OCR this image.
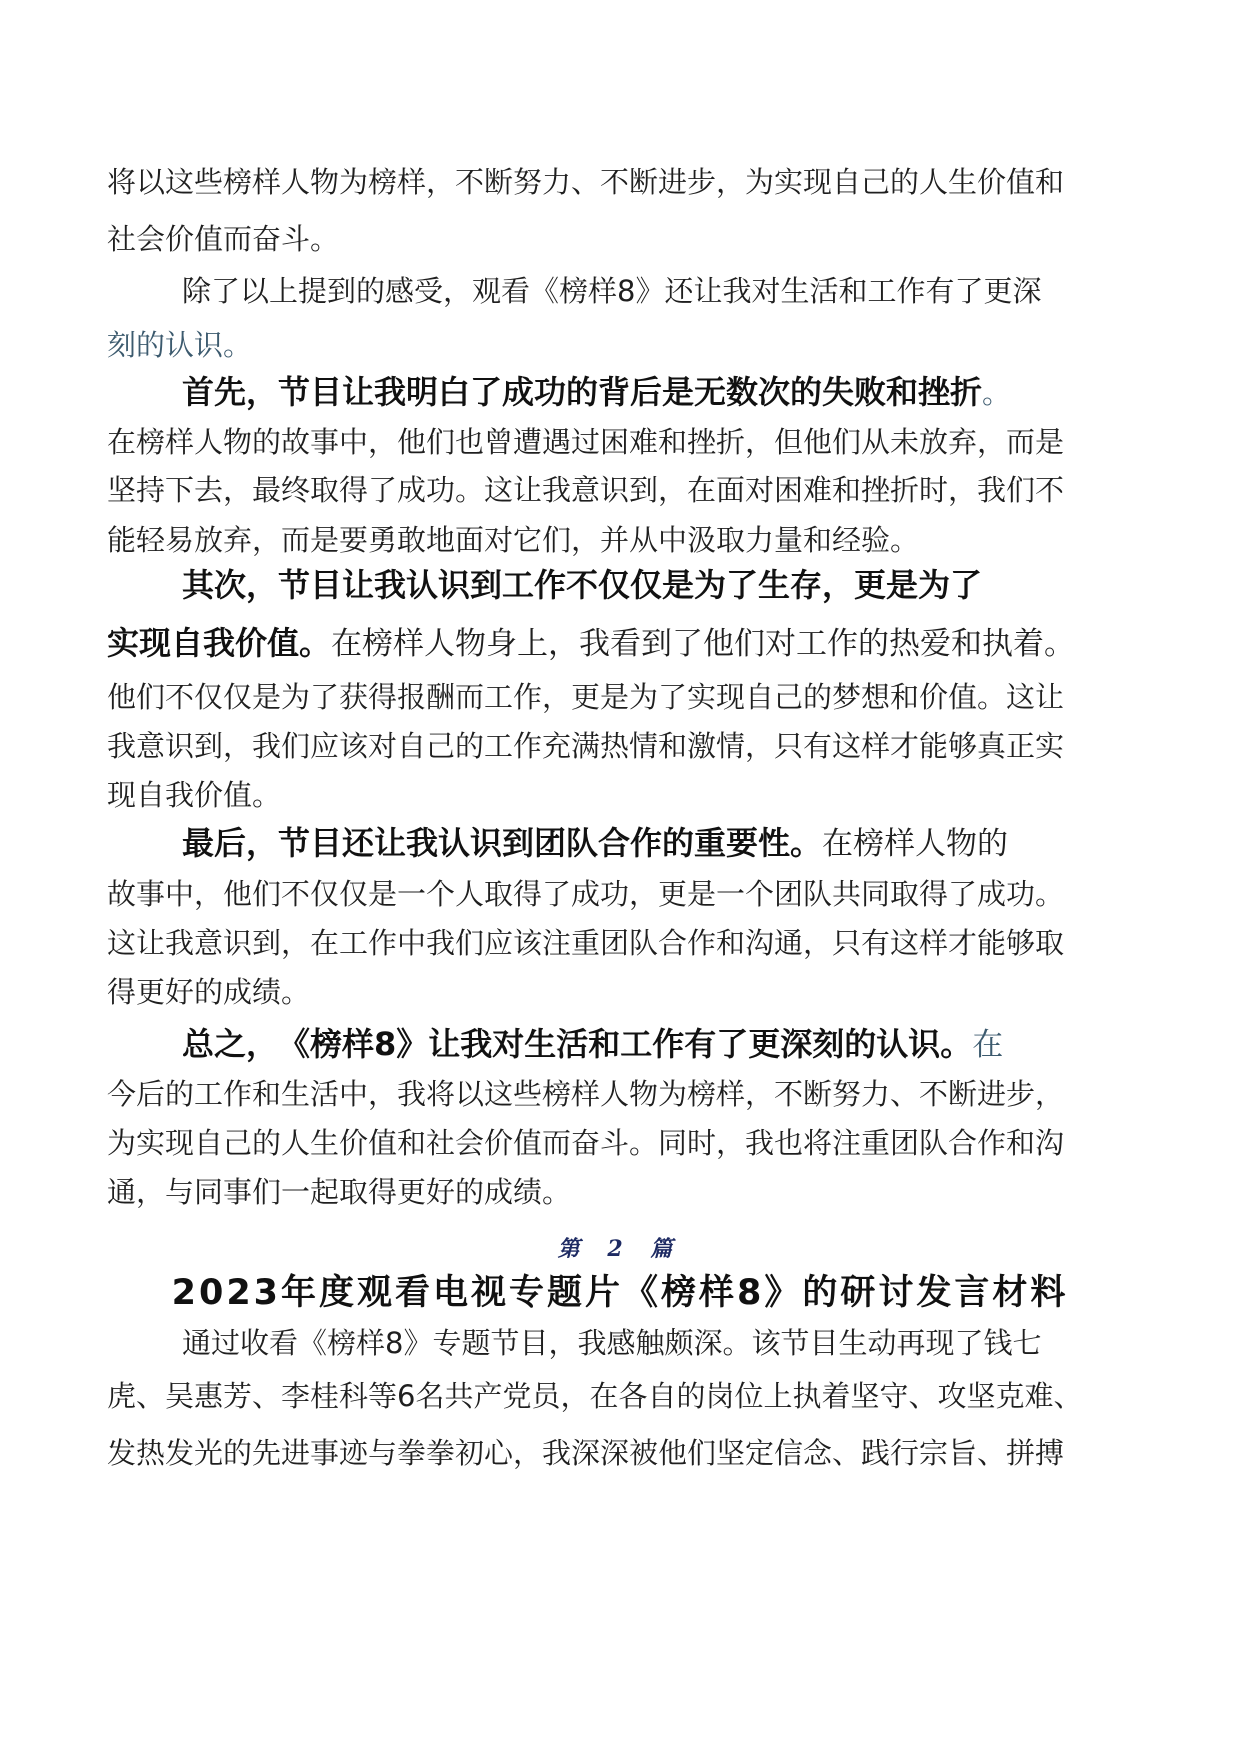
将以这些榜样人物为榜样，不断努力、不断进步，为实现自己的人生价值和
社会价值而奋斗。
除了以上提到的感受，观看《榜样8》还让我对生活和工作有了更深
刻的认识。
首先，节目让我明白了成功的背后是无数次的失败和挫折。
在榜样人物的故事中，他们也曾遭遇过困难和挫折，但他们从未放弃，而是
坚持下去，最终取得了成功。这让我意识到，在面对困难和挫折时，我们不
能轻易放弃，而是要勇敢地面对它们，并从中汲取力量和经验。
其次，节目让我认识到工作不仅仅是为了生存，更是为了
实现自我价值。在榜样人物身上，我看到了他们对工作的热爱和执着。
他们不仅仅是为了获得报酬而工作，更是为了实现自己的梦想和价值。这让
我意识到，我们应该对自己的工作充满热情和激情，只有这样才能够真正实
现自我价值。
最后，节目还让我认识到团队合作的重要性。在榜样人物的
故事中，他们不仅仅是一个人取得了成功，更是一个团队共同取得了成功。
这让我意识到，在工作中我们应该注重团队合作和沟通，只有这样才能够取
得更好的成绩。
总之，　《榜样8》让我对生活和工作有了更深刻的认识。在
今后的工作和生活中，我将以这些榜样人物为榜样，不断努力、不断进步，
为实现自己的人生价值和社会价值而奋斗。同时，我也将注重团队合作和沟
通，与同事们一起取得更好的成绩。
第 2 篇
2023年度观看电视专题片《榜样8》的研讨发言材料
通过收看《榜样8》专题节目，我感触颇深。该节目生动再现了钱七
虎、吴惠芳、李桂科等6名共产党员，在各自的岗位上执着坚守、攻坚克难、
发热发光的先进事迹与拳拳初心，我深深被他们坚定信念、践行宗旨、拼搏
